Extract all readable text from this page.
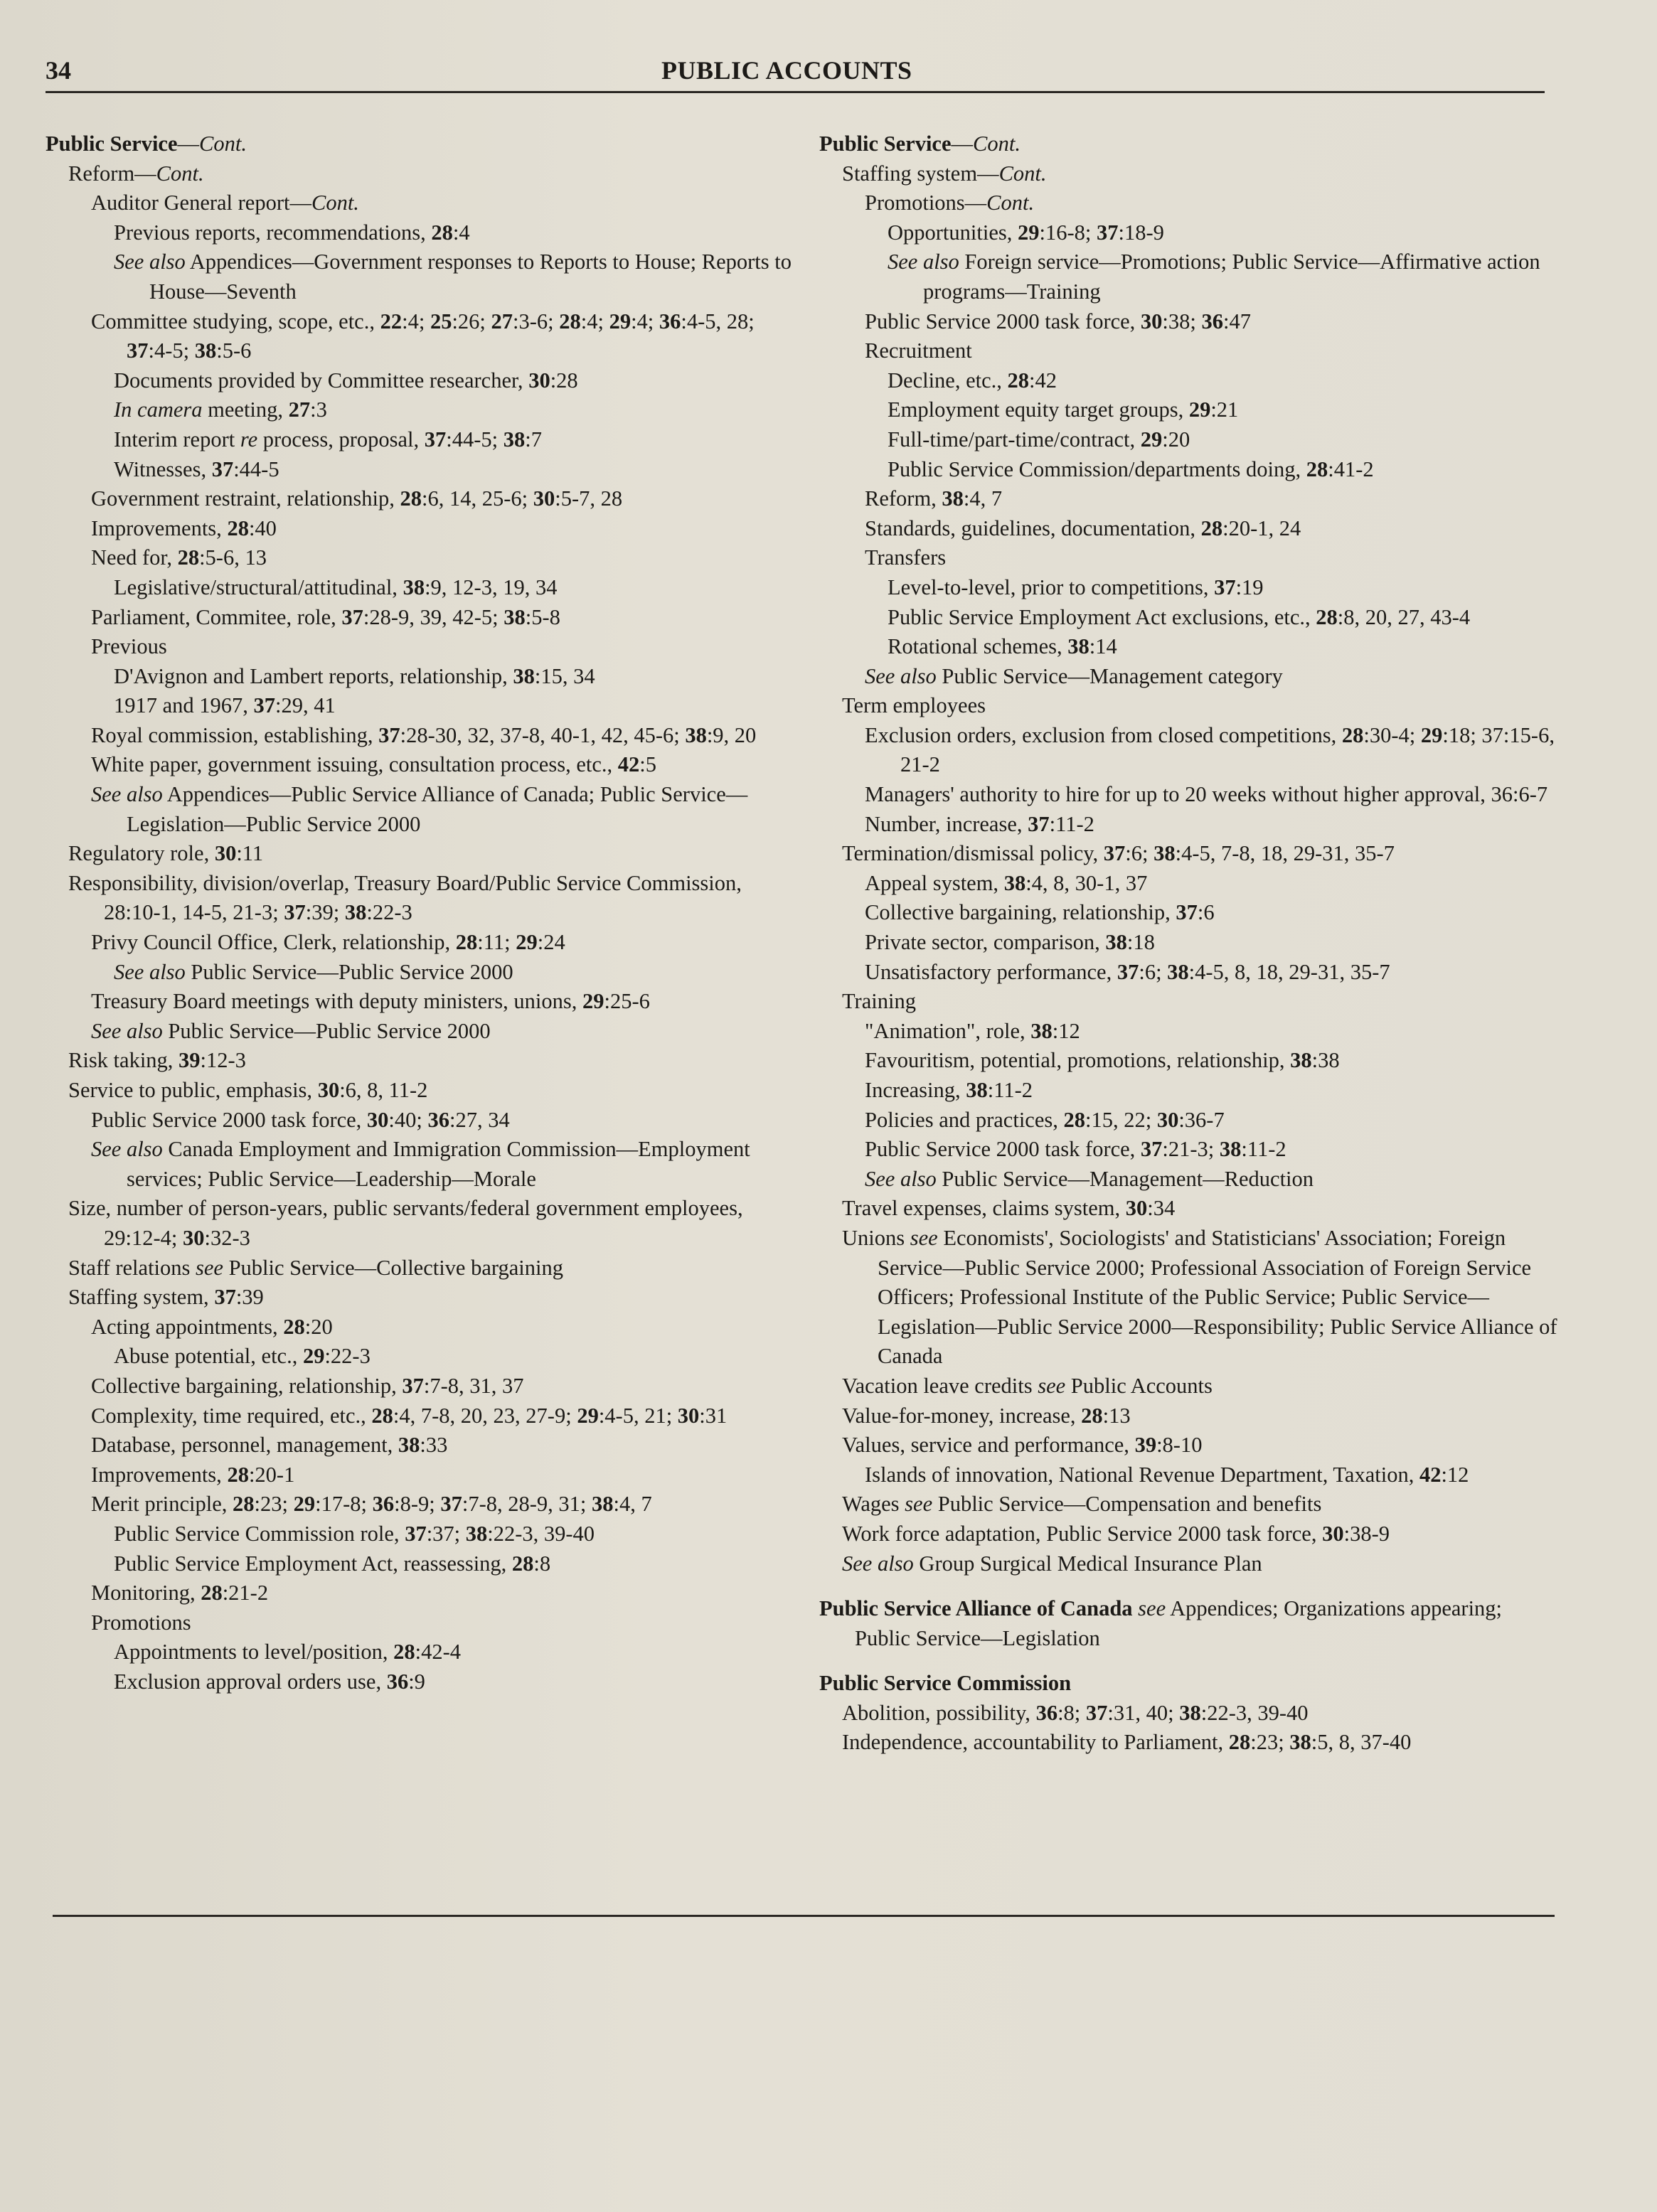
34	PUBLIC ACCOUNTS
Public Service—Cont.
Reform—Cont.
Auditor General report—Cont.
Previous reports, recommendations, 28:4
See also Appendices—Government responses to Reports to House; Reports to House—Seventh
Committee studying, scope, etc., 22:4; 25:26; 27:3-6; 28:4; 29:4; 36:4-5, 28; 37:4-5; 38:5-6
Documents provided by Committee researcher, 30:28
In camera meeting, 27:3
Interim report re process, proposal, 37:44-5; 38:7
Witnesses, 37:44-5
Government restraint, relationship, 28:6, 14, 25-6; 30:5-7, 28
Improvements, 28:40
Need for, 28:5-6, 13
Legislative/structural/attitudinal, 38:9, 12-3, 19, 34
Parliament, Commitee, role, 37:28-9, 39, 42-5; 38:5-8
Previous
D'Avignon and Lambert reports, relationship, 38:15, 34
1917 and 1967, 37:29, 41
Royal commission, establishing, 37:28-30, 32, 37-8, 40-1, 42, 45-6; 38:9, 20
White paper, government issuing, consultation process, etc., 42:5
See also Appendices—Public Service Alliance of Canada; Public Service—Legislation—Public Service 2000
Regulatory role, 30:11
Responsibility, division/overlap, Treasury Board/Public Service Commission, 28:10-1, 14-5, 21-3; 37:39; 38:22-3
Privy Council Office, Clerk, relationship, 28:11; 29:24
See also Public Service—Public Service 2000
Treasury Board meetings with deputy ministers, unions, 29:25-6
See also Public Service—Public Service 2000
Risk taking, 39:12-3
Service to public, emphasis, 30:6, 8, 11-2
Public Service 2000 task force, 30:40; 36:27, 34
See also Canada Employment and Immigration Commission—Employment services; Public Service—Leadership—Morale
Size, number of person-years, public servants/federal government employees, 29:12-4; 30:32-3
Staff relations see Public Service—Collective bargaining
Staffing system, 37:39
Acting appointments, 28:20
Abuse potential, etc., 29:22-3
Collective bargaining, relationship, 37:7-8, 31, 37
Complexity, time required, etc., 28:4, 7-8, 20, 23, 27-9; 29:4-5, 21; 30:31
Database, personnel, management, 38:33
Improvements, 28:20-1
Merit principle, 28:23; 29:17-8; 36:8-9; 37:7-8, 28-9, 31; 38:4, 7
Public Service Commission role, 37:37; 38:22-3, 39-40
Public Service Employment Act, reassessing, 28:8
Monitoring, 28:21-2
Promotions
Appointments to level/position, 28:42-4
Exclusion approval orders use, 36:9
Public Service—Cont.
Staffing system—Cont.
Promotions—Cont.
Opportunities, 29:16-8; 37:18-9
See also Foreign service—Promotions; Public Service—Affirmative action programs—Training
Public Service 2000 task force, 30:38; 36:47
Recruitment
Decline, etc., 28:42
Employment equity target groups, 29:21
Full-time/part-time/contract, 29:20
Public Service Commission/departments doing, 28:41-2
Reform, 38:4, 7
Standards, guidelines, documentation, 28:20-1, 24
Transfers
Level-to-level, prior to competitions, 37:19
Public Service Employment Act exclusions, etc., 28:8, 20, 27, 43-4
Rotational schemes, 38:14
See also Public Service—Management category
Term employees
Exclusion orders, exclusion from closed competitions, 28:30-4; 29:18; 37:15-6, 21-2
Managers' authority to hire for up to 20 weeks without higher approval, 36:6-7
Number, increase, 37:11-2
Termination/dismissal policy, 37:6; 38:4-5, 7-8, 18, 29-31, 35-7
Appeal system, 38:4, 8, 30-1, 37
Collective bargaining, relationship, 37:6
Private sector, comparison, 38:18
Unsatisfactory performance, 37:6; 38:4-5, 8, 18, 29-31, 35-7
Training
"Animation", role, 38:12
Favouritism, potential, promotions, relationship, 38:38
Increasing, 38:11-2
Policies and practices, 28:15, 22; 30:36-7
Public Service 2000 task force, 37:21-3; 38:11-2
See also Public Service—Management—Reduction
Travel expenses, claims system, 30:34
Unions see Economists', Sociologists' and Statisticians' Association; Foreign Service—Public Service 2000; Professional Association of Foreign Service Officers; Professional Institute of the Public Service; Public Service—Legislation—Public Service 2000—Responsibility; Public Service Alliance of Canada
Vacation leave credits see Public Accounts
Value-for-money, increase, 28:13
Values, service and performance, 39:8-10
Islands of innovation, National Revenue Department, Taxation, 42:12
Wages see Public Service—Compensation and benefits
Work force adaptation, Public Service 2000 task force, 30:38-9
See also Group Surgical Medical Insurance Plan
Public Service Alliance of Canada see Appendices; Organizations appearing; Public Service—Legislation
Public Service Commission
Abolition, possibility, 36:8; 37:31, 40; 38:22-3, 39-40
Independence, accountability to Parliament, 28:23; 38:5, 8, 37-40
